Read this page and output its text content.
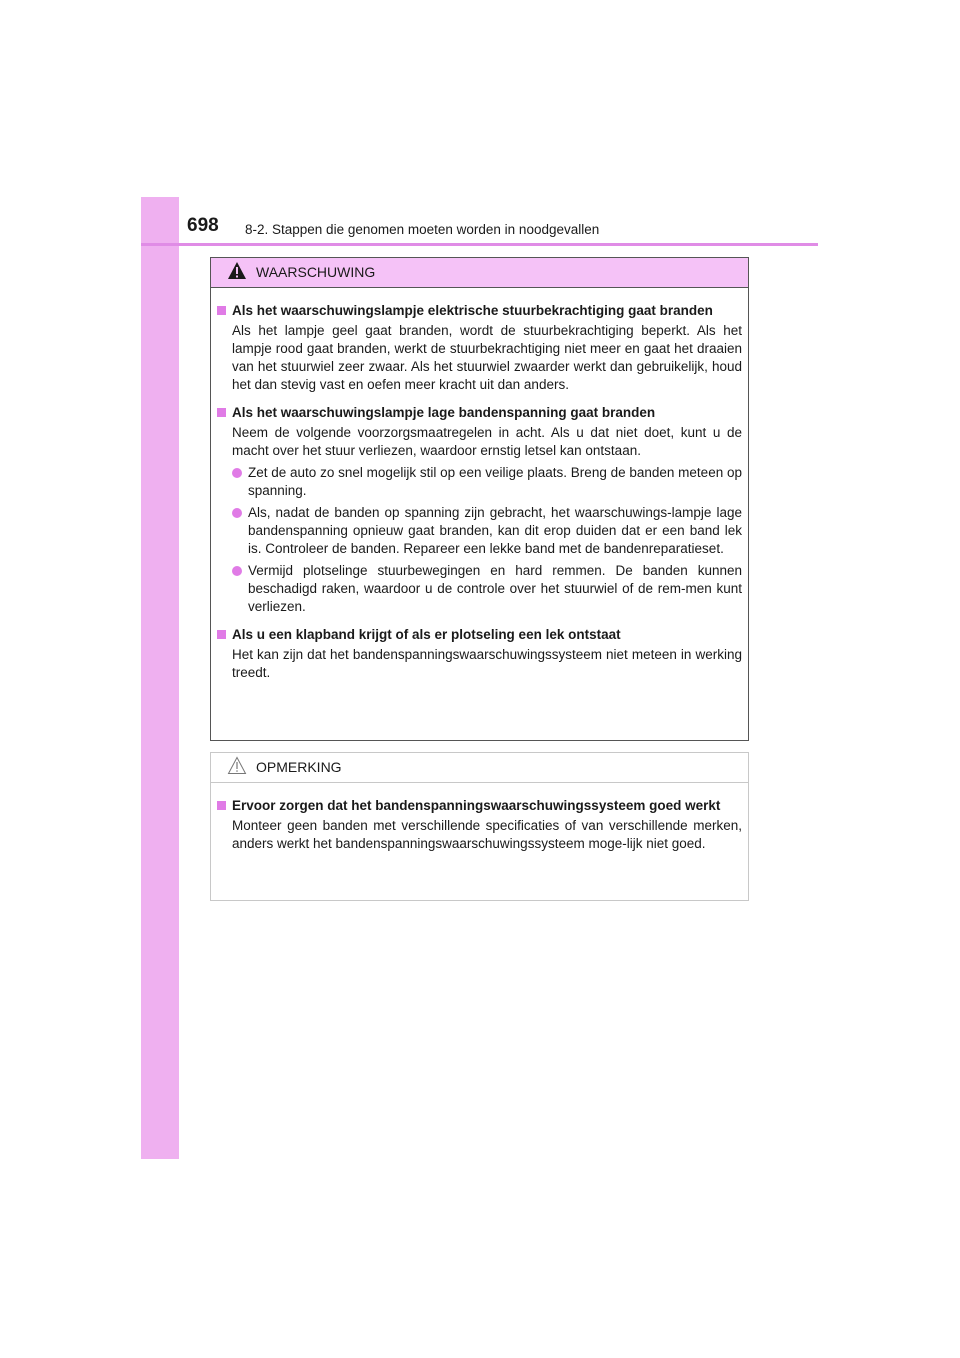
698 8-2. Stappen die genomen moeten worden in noodgevallen
WAARSCHUWING
Als het waarschuwingslampje elektrische stuurbekrachtiging gaat branden
Als het lampje geel gaat branden, wordt de stuurbekrachtiging beperkt. Als het lampje rood gaat branden, werkt de stuurbekrachtiging niet meer en gaat het draaien van het stuurwiel zeer zwaar. Als het stuurwiel zwaarder werkt dan gebruikelijk, houd het dan stevig vast en oefen meer kracht uit dan anders.
Als het waarschuwingslampje lage bandenspanning gaat branden
Neem de volgende voorzorgsmaatregelen in acht. Als u dat niet doet, kunt u de macht over het stuur verliezen, waardoor ernstig letsel kan ontstaan.
Zet de auto zo snel mogelijk stil op een veilige plaats. Breng de banden meteen op spanning.
Als, nadat de banden op spanning zijn gebracht, het waarschuwings-lampje lage bandenspanning opnieuw gaat branden, kan dit erop duiden dat er een band lek is. Controleer de banden. Repareer een lekke band met de bandenreparatieset.
Vermijd plotselinge stuurbewegingen en hard remmen. De banden kunnen beschadigd raken, waardoor u de controle over het stuurwiel of de rem-men kunt verliezen.
Als u een klapband krijgt of als er plotseling een lek ontstaat
Het kan zijn dat het bandenspanningswaarschuwingssysteem niet meteen in werking treedt.
OPMERKING
Ervoor zorgen dat het bandenspanningswaarschuwingssysteem goed werkt
Monteer geen banden met verschillende specificaties of van verschillende merken, anders werkt het bandenspanningswaarschuwingssysteem moge-lijk niet goed.
